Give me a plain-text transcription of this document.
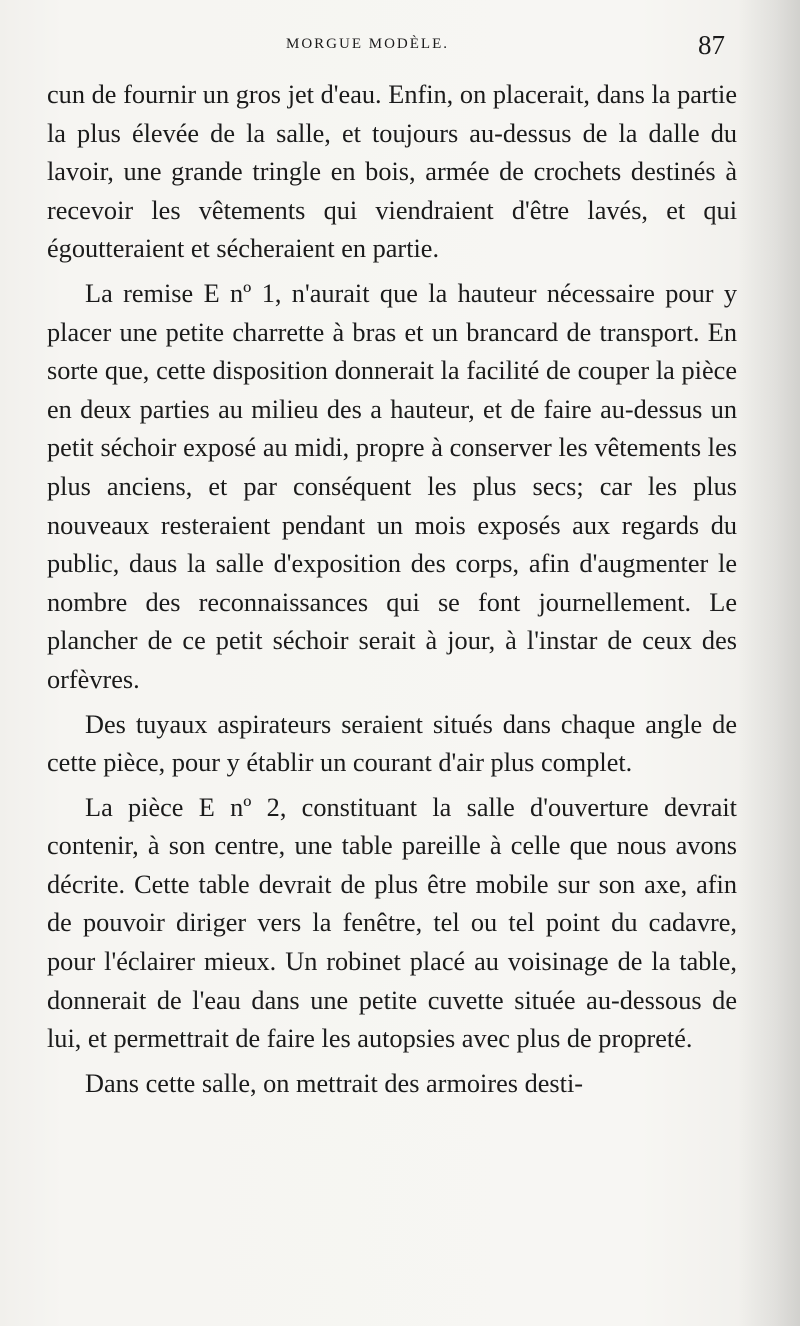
MORGUE MODÈLE.	87

cun de fournir un gros jet d'eau. Enfin, on placerait, dans la partie la plus élevée de la salle, et toujours au-dessus de la dalle du lavoir, une grande tringle en bois, armée de crochets destinés à recevoir les vêtements qui viendraient d'être lavés, et qui égoutteraient et sécheraient en partie.

La remise E nº 1, n'aurait que la hauteur nécessaire pour y placer une petite charrette à bras et un brancard de transport. En sorte que, cette disposition donnerait la facilité de couper la pièce en deux parties au milieu des a hauteur, et de faire au-dessus un petit séchoir exposé au midi, propre à conserver les vêtements les plus anciens, et par conséquent les plus secs; car les plus nouveaux resteraient pendant un mois exposés aux regards du public, daus la salle d'exposition des corps, afin d'augmenter le nombre des reconnaissances qui se font journellement. Le plancher de ce petit séchoir serait à jour, à l'instar de ceux des orfèvres.

Des tuyaux aspirateurs seraient situés dans chaque angle de cette pièce, pour y établir un courant d'air plus complet.

La pièce E nº 2, constituant la salle d'ouverture devrait contenir, à son centre, une table pareille à celle que nous avons décrite. Cette table devrait de plus être mobile sur son axe, afin de pouvoir diriger vers la fenêtre, tel ou tel point du cadavre, pour l'éclairer mieux. Un robinet placé au voisinage de la table, donnerait de l'eau dans une petite cuvette située au-dessous de lui, et permettrait de faire les autopsies avec plus de propreté.

Dans cette salle, on mettrait des armoires desti-
